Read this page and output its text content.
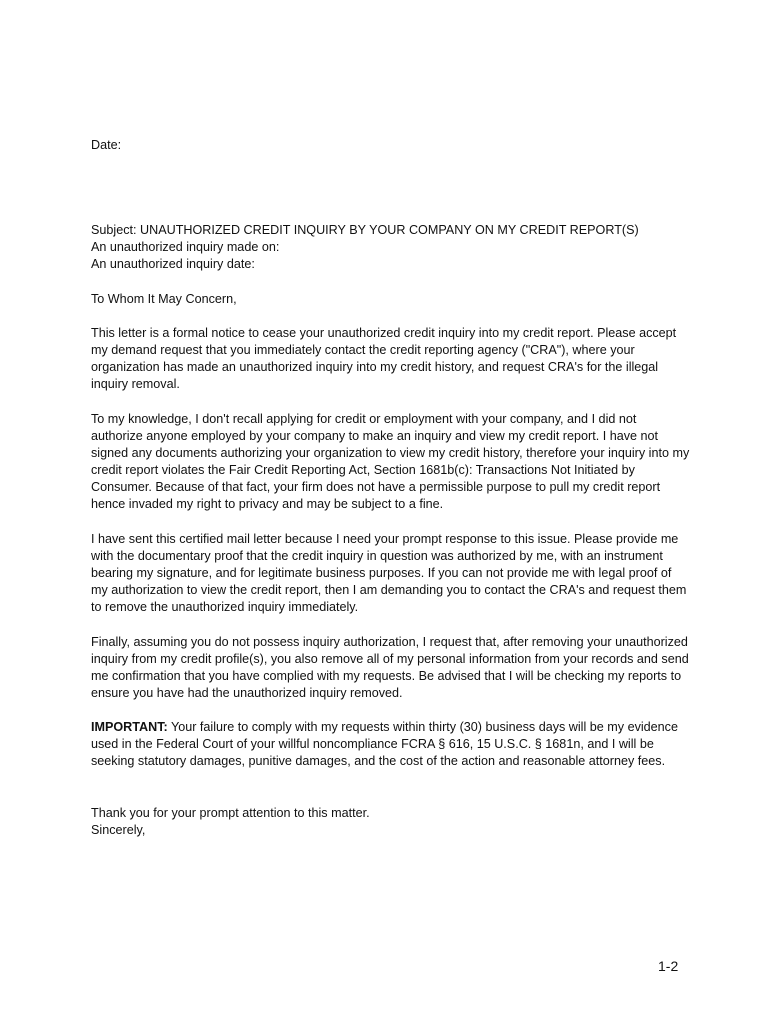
Date:
Subject: UNAUTHORIZED CREDIT INQUIRY BY YOUR COMPANY ON MY CREDIT REPORT(S)
An unauthorized inquiry made on:
An unauthorized inquiry date:
To Whom It May Concern,
This letter is a formal notice to cease your unauthorized credit inquiry into my credit report. Please accept my demand request that you immediately contact the credit reporting agency ("CRA"), where your organization has made an unauthorized inquiry into my credit history, and request CRA's for the illegal inquiry removal.
To my knowledge, I don't recall applying for credit or employment with your company, and I did not authorize anyone employed by your company to make an inquiry and view my credit report. I have not signed any documents authorizing your organization to view my credit history, therefore your inquiry into my credit report violates the Fair Credit Reporting Act, Section 1681b(c): Transactions Not Initiated by Consumer. Because of that fact, your firm does not have a permissible purpose to pull my credit report hence invaded my right to privacy and may be subject to a fine.
I have sent this certified mail letter because I need your prompt response to this issue. Please provide me with the documentary proof that the credit inquiry in question was authorized by me, with an instrument bearing my signature, and for legitimate business purposes. If you can not provide me with legal proof of my authorization to view the credit report, then I am demanding you to contact the CRA's and request them to remove the unauthorized inquiry immediately.
Finally, assuming you do not possess inquiry authorization, I request that, after removing your unauthorized inquiry from my credit profile(s), you also remove all of my personal information from your records and send me confirmation that you have complied with my requests. Be advised that I will be checking my reports to ensure you have had the unauthorized inquiry removed.
IMPORTANT: Your failure to comply with my requests within thirty (30) business days will be my evidence used in the Federal Court of your willful noncompliance FCRA § 616, 15 U.S.C. § 1681n, and I will be seeking statutory damages, punitive damages, and the cost of the action and reasonable attorney fees.
Thank you for your prompt attention to this matter.
Sincerely,
1-2
